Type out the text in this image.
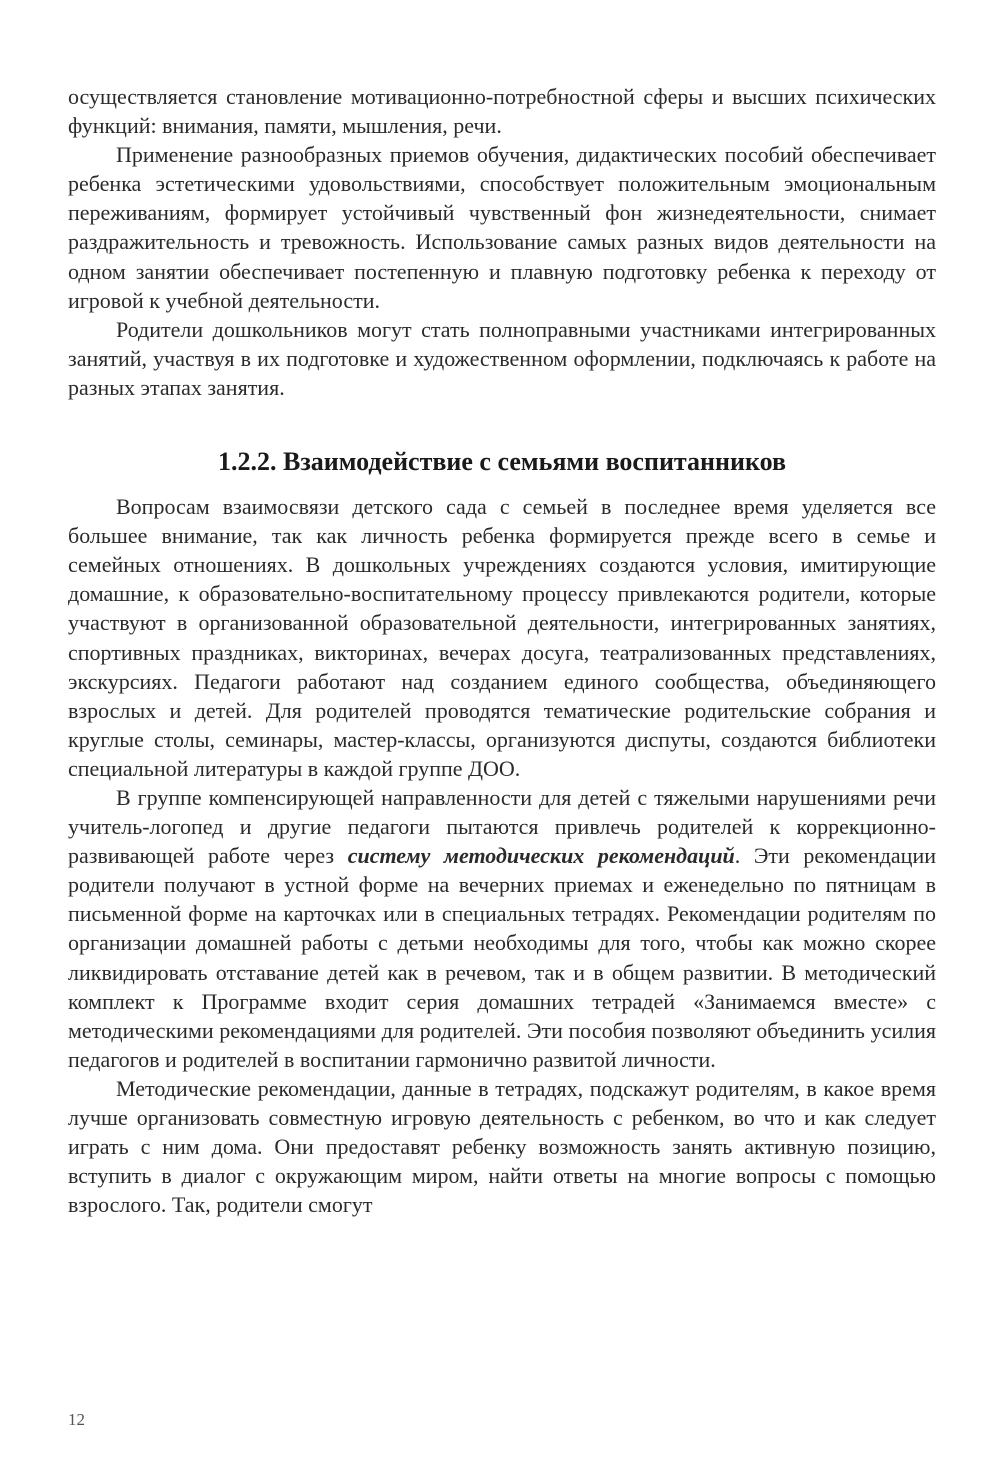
осуществляется становление мотивационно-потребностной сферы и высших психических функций: внимания, памяти, мышления, речи.

Применение разнообразных приемов обучения, дидактических пособий обеспечивает ребенка эстетическими удовольствиями, способствует положительным эмоциональным переживаниям, формирует устойчивый чувственный фон жизнедеятельности, снимает раздражительность и тревожность. Использование самых разных видов деятельности на одном занятии обеспечивает постепенную и плавную подготовку ребенка к переходу от игровой к учебной деятельности.

Родители дошкольников могут стать полноправными участниками интегрированных занятий, участвуя в их подготовке и художественном оформлении, подключаясь к работе на разных этапах занятия.

1.2.2. Взаимодействие с семьями воспитанников

Вопросам взаимосвязи детского сада с семьей в последнее время уделяется все большее внимание, так как личность ребенка формируется прежде всего в семье и семейных отношениях. В дошкольных учреждениях создаются условия, имитирующие домашние, к образовательно-воспитательному процессу привлекаются родители, которые участвуют в организованной образовательной деятельности, интегрированных занятиях, спортивных праздниках, викторинах, вечерах досуга, театрализованных представлениях, экскурсиях. Педагоги работают над созданием единого сообщества, объединяющего взрослых и детей. Для родителей проводятся тематические родительские собрания и круглые столы, семинары, мастер-классы, организуются диспуты, создаются библиотеки специальной литературы в каждой группе ДОО.

В группе компенсирующей направленности для детей с тяжелыми нарушениями речи учитель-логопед и другие педагоги пытаются привлечь родителей к коррекционно-развивающей работе через систему методических рекомендаций. Эти рекомендации родители получают в устной форме на вечерних приемах и еженедельно по пятницам в письменной форме на карточках или в специальных тетрадях. Рекомендации родителям по организации домашней работы с детьми необходимы для того, чтобы как можно скорее ликвидировать отставание детей как в речевом, так и в общем развитии. В методический комплект к Программе входит серия домашних тетрадей «Занимаемся вместе» с методическими рекомендациями для родителей. Эти пособия позволяют объединить усилия педагогов и родителей в воспитании гармонично развитой личности.

Методические рекомендации, данные в тетрадях, подскажут родителям, в какое время лучше организовать совместную игровую деятельность с ребенком, во что и как следует играть с ним дома. Они предоставят ребенку возможность занять активную позицию, вступить в диалог с окружающим миром, найти ответы на многие вопросы с помощью взрослого. Так, родители смогут

12
